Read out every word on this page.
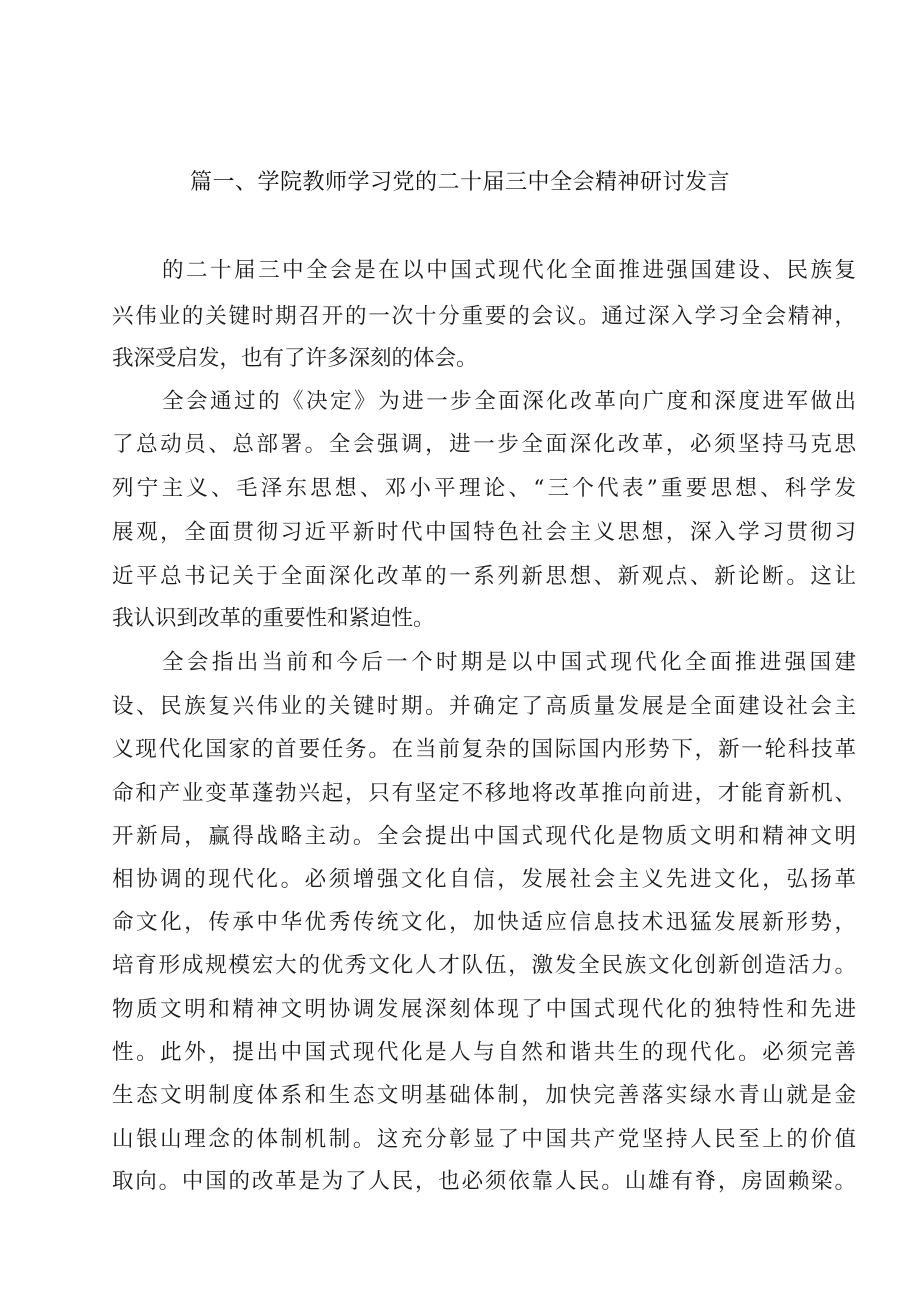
篇一、学院教师学习党的二十届三中全会精神研讨发言
的二十届三中全会是在以中国式现代化全面推进强国建设、民族复
兴伟业的关键时期召开的一次十分重要的会议。通过深入学习全会精神，
我深受启发，也有了许多深刻的体会。
全会通过的《决定》为进一步全面深化改革向广度和深度进军做出
了总动员、总部署。全会强调，进一步全面深化改革，必须坚持马克思
列宁主义、毛泽东思想、邓小平理论、“三个代表”重要思想、科学发
展观，全面贯彻习近平新时代中国特色社会主义思想，深入学习贯彻习
近平总书记关于全面深化改革的一系列新思想、新观点、新论断。这让
我认识到改革的重要性和紧迫性。
全会指出当前和今后一个时期是以中国式现代化全面推进强国建
设、民族复兴伟业的关键时期。并确定了高质量发展是全面建设社会主
义现代化国家的首要任务。在当前复杂的国际国内形势下，新一轮科技革
命和产业变革蓬勃兴起，只有坚定不移地将改革推向前进，才能育新机、
开新局，赢得战略主动。全会提出中国式现代化是物质文明和精神文明
相协调的现代化。必须增强文化自信，发展社会主义先进文化，弘扬革
命文化，传承中华优秀传统文化，加快适应信息技术迅猛发展新形势，
培育形成规模宏大的优秀文化人才队伍，激发全民族文化创新创造活力。
物质文明和精神文明协调发展深刻体现了中国式现代化的独特性和先进
性。此外，提出中国式现代化是人与自然和谐共生的现代化。必须完善
生态文明制度体系和生态文明基础体制，加快完善落实绿水青山就是金
山银山理念的体制机制。这充分彰显了中国共产党坚持人民至上的价值
取向。中国的改革是为了人民，也必须依靠人民。山雄有脊，房固赖梁。
